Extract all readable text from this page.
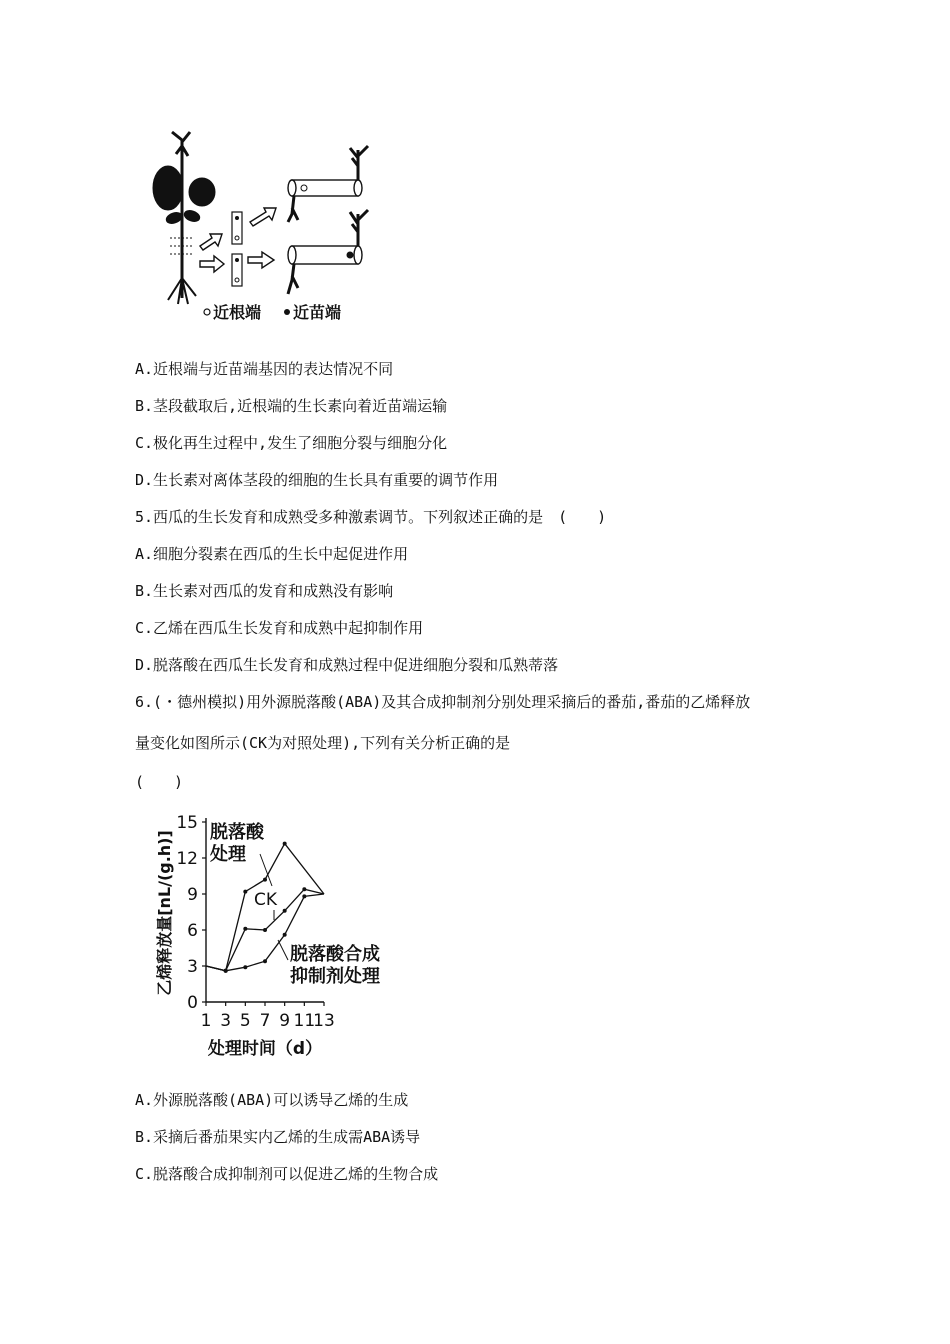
近根端 近苗端
A.近根端与近苗端基因的表达情况不同
B.茎段截取后,近根端的生长素向着近苗端运输
C.极化再生过程中,发生了细胞分裂与细胞分化
D.生长素对离体茎段的细胞的生长具有重要的调节作用
5.西瓜的生长发育和成熟受多种激素调节。下列叙述正确的是　(　　)
A.细胞分裂素在西瓜的生长中起促进作用
B.生长素对西瓜的发育和成熟没有影响
C.乙烯在西瓜生长发育和成熟中起抑制作用
D.脱落酸在西瓜生长发育和成熟过程中促进细胞分裂和瓜熟蒂落
6.(・德州模拟)用外源脱落酸(ABA)及其合成抑制剂分别处理采摘后的番茄,番茄的乙烯释放
量变化如图所示(CK为对照处理),下列有关分析正确的是
(　　)
乙烯释放量[nL/(g.h)]
0
3
6
9
12
15
1 3 5 7 9 11
13
脱落酸
处理
CK
脱落酸合成
抑制剂处理
处理时间（d）
A.外源脱落酸(ABA)可以诱导乙烯的生成
B.采摘后番茄果实内乙烯的生成需ABA诱导
C.脱落酸合成抑制剂可以促进乙烯的生物合成
